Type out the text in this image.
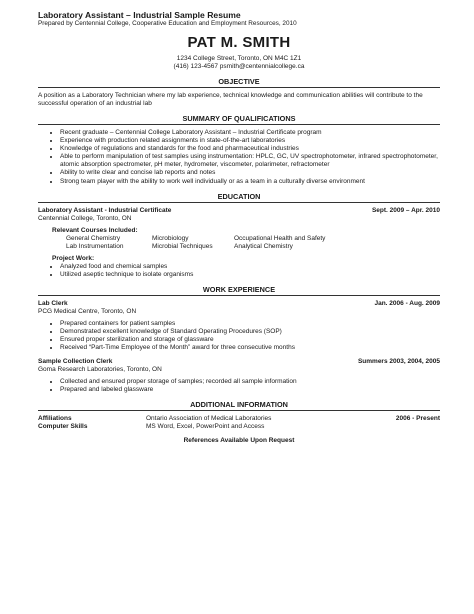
Laboratory Assistant – Industrial Sample Resume
Prepared by Centennial College, Cooperative Education and Employment Resources, 2010
PAT M. SMITH
1234 College Street, Toronto, ON M4C 1Z1
(416) 123-4567 psmith@centennialcollege.ca
OBJECTIVE
A position as a Laboratory Technician where my lab experience, technical knowledge and communication abilities will contribute to the successful operation of an industrial lab
SUMMARY OF QUALIFICATIONS
• Recent graduate – Centennial College Laboratory Assistant – Industrial Certificate program
• Experience with production related assignments in state-of-the-art laboratories
• Knowledge of regulations and standards for the food and pharmaceutical industries
• Able to perform manipulation of test samples using instrumentation: HPLC, GC, UV spectrophotometer, infrared spectrophotometer, atomic absorption spectrometer, pH meter, hydrometer, viscometer, polarimeter, refractometer
• Ability to write clear and concise lab reports and notes
• Strong team player with the ability to work well individually or as a team in a culturally diverse environment
EDUCATION
Laboratory Assistant - Industrial Certificate	Sept. 2009 – Apr. 2010
Centennial College, Toronto, ON
Relevant Courses Included:
General Chemistry	Microbiology	Occupational Health and Safety
Lab Instrumentation	Microbial Techniques	Analytical Chemistry
Project Work:
• Analyzed food and chemical samples
• Utilized aseptic technique to isolate organisms
WORK EXPERIENCE
Lab Clerk	Jan. 2006 - Aug. 2009
PCG Medical Centre, Toronto, ON
• Prepared containers for patient samples
• Demonstrated excellent knowledge of Standard Operating Procedures (SOP)
• Ensured proper sterilization and storage of glassware
• Received “Part-Time Employee of the Month” award for three consecutive months
Sample Collection Clerk	Summers 2003, 2004, 2005
Goma Research Laboratories, Toronto, ON
• Collected and ensured proper storage of samples; recorded all sample information
• Prepared and labeled glassware
ADDITIONAL INFORMATION
Affiliations	Ontario Association of Medical Laboratories	2006 - Present
Computer Skills	MS Word, Excel, PowerPoint and Access
References Available Upon Request
